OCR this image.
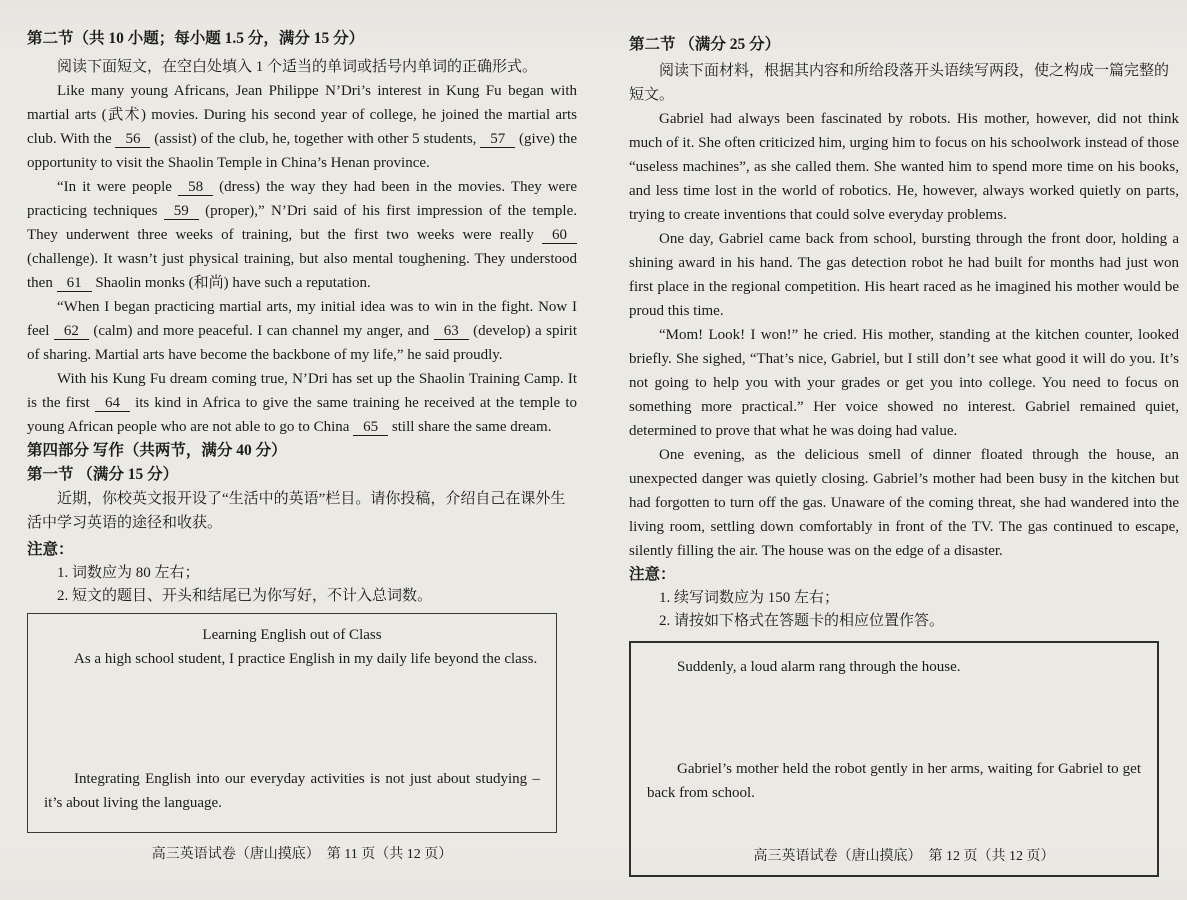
第二节（共 10 小题；每小题 1.5 分，满分 15 分）

阅读下面短文，在空白处填入 1 个适当的单词或括号内单词的正确形式。

Like many young Africans, Jean Philippe N’Dri’s interest in Kung Fu began with martial arts (武术) movies. During his second year of college, he joined the martial arts club. With the 56 (assist) of the club, he, together with other 5 students, 57 (give) the opportunity to visit the Shaolin Temple in China’s Henan province.

“In it were people 58 (dress) the way they had been in the movies. They were practicing techniques 59 (proper),” N’Dri said of his first impression of the temple. They underwent three weeks of training, but the first two weeks were really 60 (challenge). It wasn’t just physical training, but also mental toughening. They understood then 61 Shaolin monks (和尚) have such a reputation.

“When I began practicing martial arts, my initial idea was to win in the fight. Now I feel 62 (calm) and more peaceful. I can channel my anger, and 63 (develop) a spirit of sharing. Martial arts have become the backbone of my life,” he said proudly.

With his Kung Fu dream coming true, N’Dri has set up the Shaolin Training Camp. It is the first 64 its kind in Africa to give the same training he received at the temple to young African people who are not able to go to China 65 still share the same dream.

第四部分 写作（共两节，满分 40 分）
第一节 （满分 15 分）

近期，你校英文报开设了“生活中的英语”栏目。请你投稿，介绍自己在课外生活中学习英语的途径和收获。

注意：

1. 词数应为 80 左右；

2. 短文的题目、开头和结尾已为你写好，不计入总词数。

Learning English out of Class

As a high school student, I practice English in my daily life beyond the class.

Integrating English into our everyday activities is not just about studying – it’s about living the language.

高三英语试卷（唐山摸底）　第 11 页（共 12 页）
第二节 （满分 25 分）

阅读下面材料，根据其内容和所给段落开头语续写两段，使之构成一篇完整的短文。

Gabriel had always been fascinated by robots. His mother, however, did not think much of it. She often criticized him, urging him to focus on his schoolwork instead of those “useless machines”, as she called them. She wanted him to spend more time on his books, and less time lost in the world of robotics. He, however, always worked quietly on parts, trying to create inventions that could solve everyday problems.

One day, Gabriel came back from school, bursting through the front door, holding a shining award in his hand. The gas detection robot he had built for months had just won first place in the regional competition. His heart raced as he imagined his mother would be proud this time.

“Mom! Look! I won!” he cried. His mother, standing at the kitchen counter, looked briefly. She sighed, “That’s nice, Gabriel, but I still don’t see what good it will do you. It’s not going to help you with your grades or get you into college. You need to focus on something more practical.” Her voice showed no interest. Gabriel remained quiet, determined to prove that what he was doing had value.

One evening, as the delicious smell of dinner floated through the house, an unexpected danger was quietly closing. Gabriel’s mother had been busy in the kitchen but had forgotten to turn off the gas. Unaware of the coming threat, she had wandered into the living room, settling down comfortably in front of the TV. The gas continued to escape, silently filling the air. The house was on the edge of a disaster.

注意：

1. 续写词数应为 150 左右；

2. 请按如下格式在答题卡的相应位置作答。

Suddenly, a loud alarm rang through the house.

Gabriel’s mother held the robot gently in her arms, waiting for Gabriel to get back from school.

高三英语试卷（唐山摸底）　第 12 页（共 12 页）
